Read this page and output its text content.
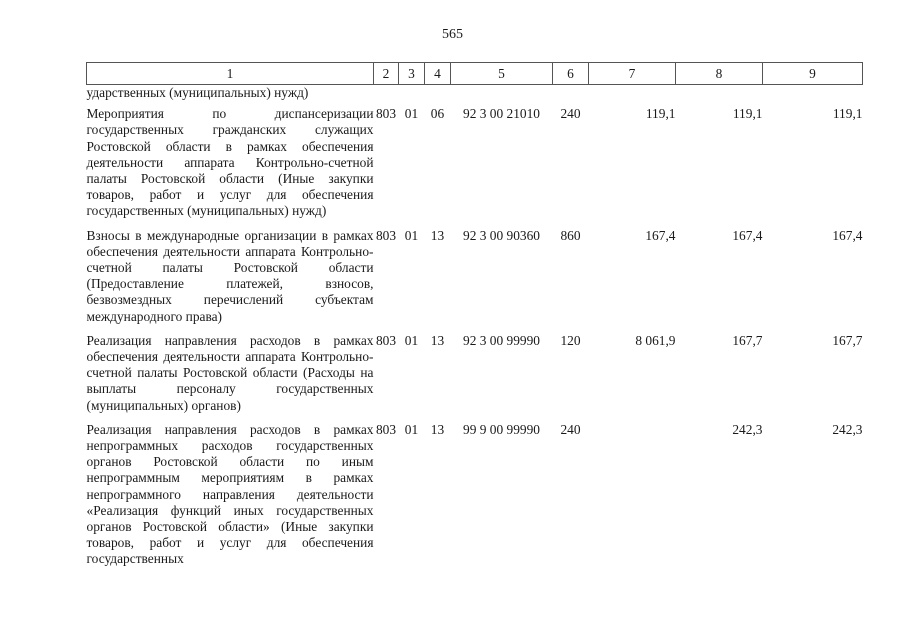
565
1	2	3	4	5	6	7	8	9
ударственных (муниципальных) нужд)								
Мероприятия по диспансеризации государственных гражданских служащих Ростовской области в рамках обеспечения деятельности аппарата Контрольно-счетной палаты Ростовской области (Иные закупки товаров, работ и услуг для обеспечения государственных (муниципальных) нужд)	803	01	06	92 3 00 21010	240	119,1	119,1	119,1
Взносы в международные организации в рамках обеспечения деятельности аппарата Контрольно-счетной палаты Ростовской области (Предоставление платежей, взносов, безвозмездных перечислений субъектам международного права)	803	01	13	92 3 00 90360	860	167,4	167,4	167,4
Реализация направления расходов в рамках обеспечения деятельности аппарата Контрольно-счетной палаты Ростовской области (Расходы на выплаты персоналу государственных (муниципальных) органов)	803	01	13	92 3 00 99990	120	8 061,9	167,7	167,7
Реализация направления расходов в рамках непрограммных расходов государственных органов Ростовской области по иным непрограммным мероприятиям в рамках непрограммного направления деятельности «Реализация функций иных государственных органов Ростовской области» (Иные закупки товаров, работ и услуг для обеспечения государственных	803	01	13	99 9 00 99990	240		242,3	242,3
